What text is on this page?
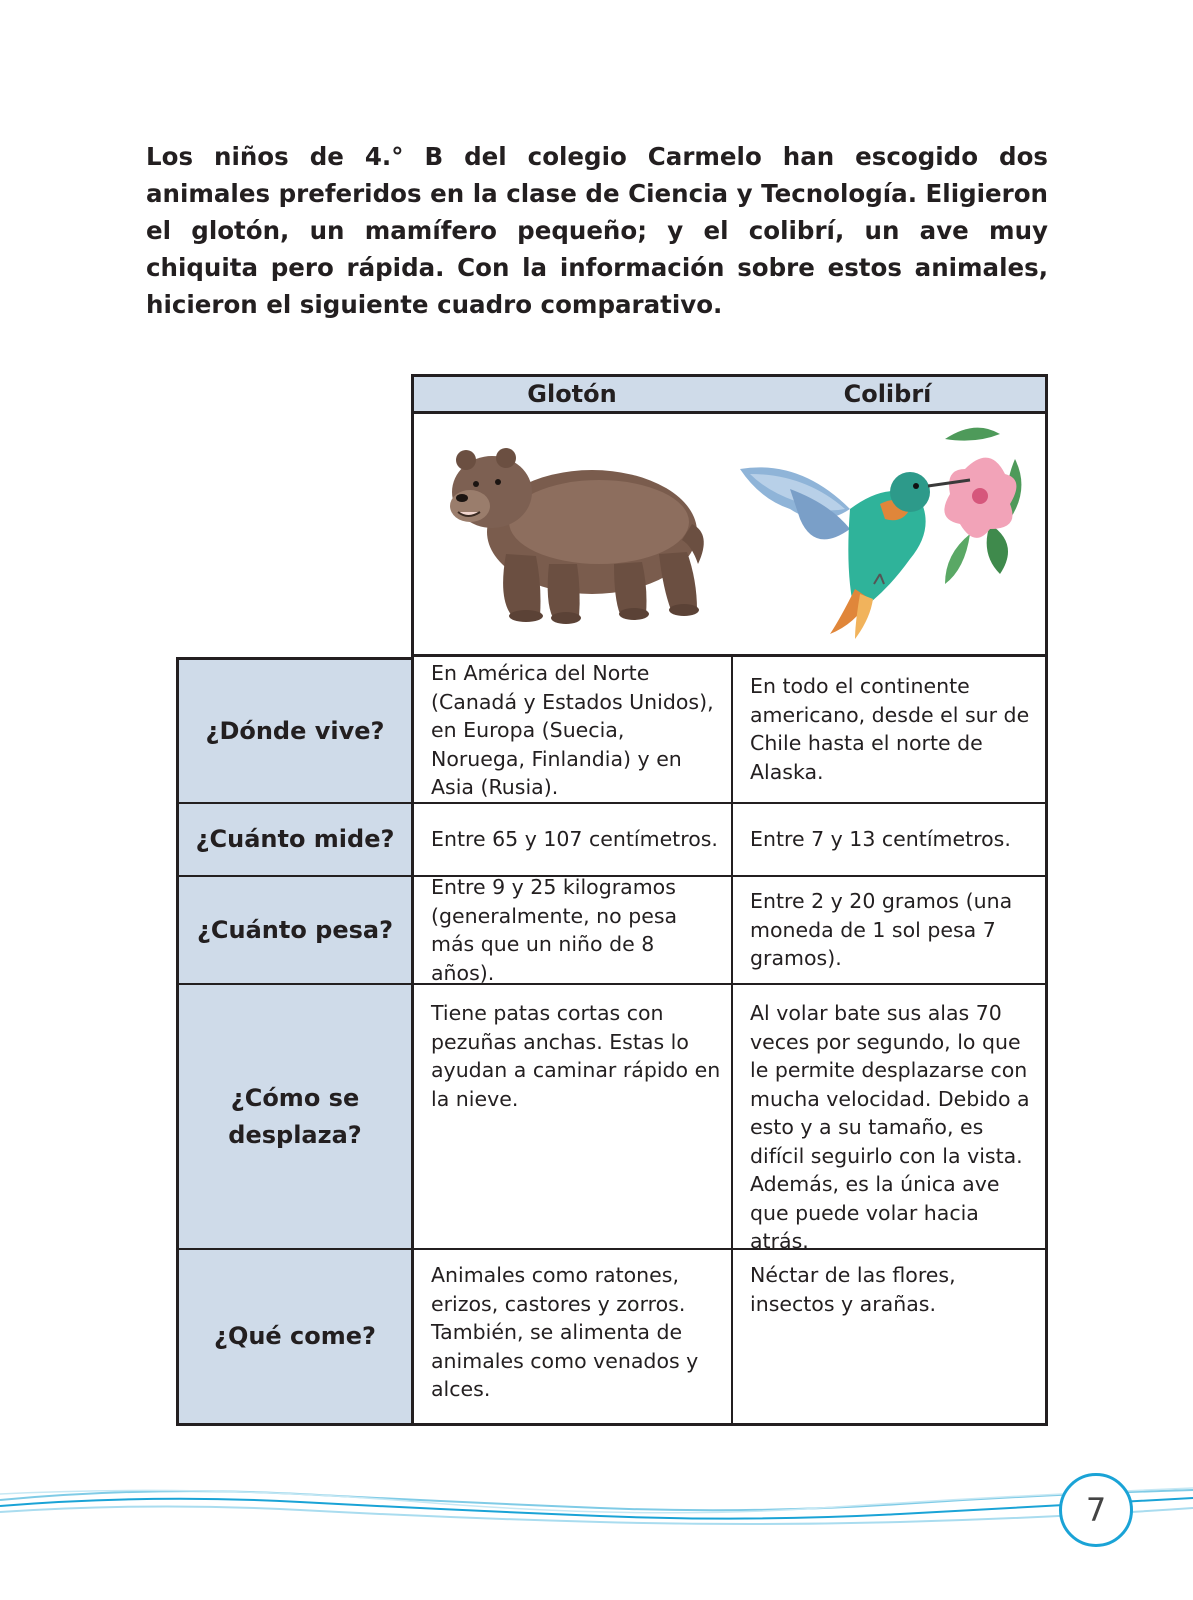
Los niños de 4.° B del colegio Carmelo han escogido dos animales preferidos en la clase de Ciencia y Tecnología. Eligieron el glotón, un mamífero pequeño; y el colibrí, un ave muy chiquita pero rápida. Con la información sobre estos animales, hicieron el siguiente cuadro comparativo.

Glotón	Colibrí
¿Dónde vive?
En América del Norte (Canadá y Estados Unidos), en Europa (Suecia, Noruega, Finlandia) y en Asia (Rusia).
En todo el continente americano, desde el sur de Chile hasta el norte de Alaska.
¿Cuánto mide? Entre 65 y 107 centímetros. Entre 7 y 13 centímetros.
¿Cuánto pesa?
Entre 9 y 25 kilogramos (generalmente, no pesa más que un niño de 8 años).
Entre 2 y 20 gramos (una moneda de 1 sol pesa 7 gramos).
¿Cómo se desplaza?
Tiene patas cortas con pezuñas anchas. Estas lo ayudan a caminar rápido en la nieve.
Al volar bate sus alas 70 veces por segundo, lo que le permite desplazarse con mucha velocidad. Debido a esto y a su tamaño, es difícil seguirlo con la vista. Además, es la única ave que puede volar hacia atrás.
¿Qué come?
Animales como ratones, erizos, castores y zorros. También, se alimenta de animales como venados y alces.
Néctar de las flores, insectos y arañas.
7
